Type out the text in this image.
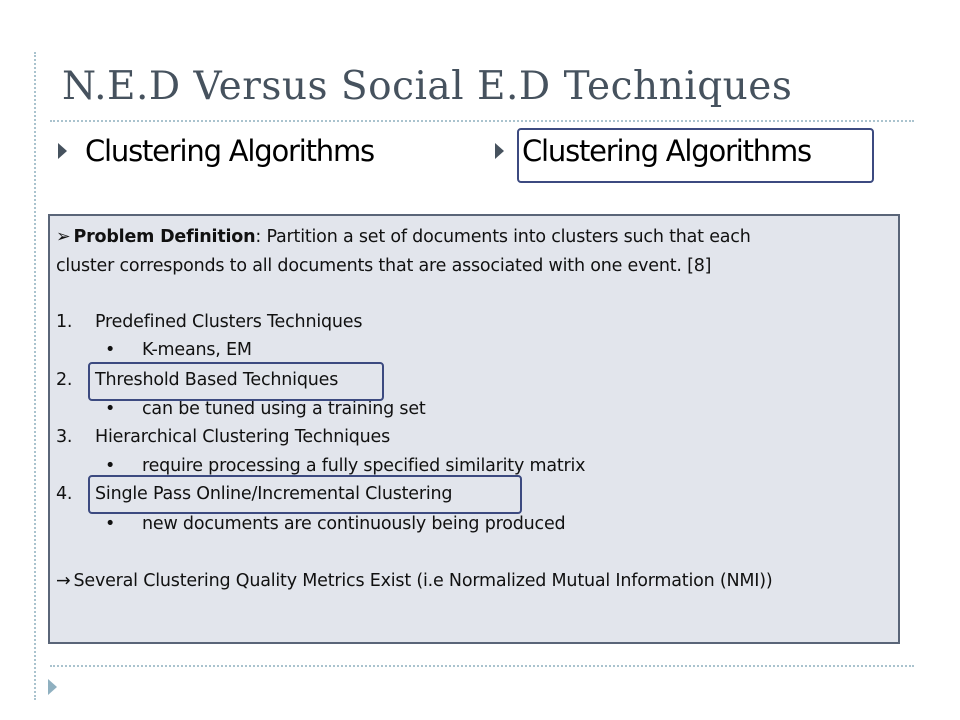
N.E.D Versus Social E.D Techniques
Clustering Algorithms	Clustering Algorithms
➢ Problem Definition: Partition a set of documents into clusters such that each
cluster corresponds to all documents that are associated with one event. [8]
1. Predefined Clusters Techniques
• K-means, EM
2. Threshold Based Techniques
• can be tuned using a training set
3. Hierarchical Clustering Techniques
• require processing a fully specified similarity matrix
4. Single Pass Online/Incremental Clustering
• new documents are continuously being produced
→ Several Clustering Quality Metrics Exist (i.e Normalized Mutual Information (NMI))
